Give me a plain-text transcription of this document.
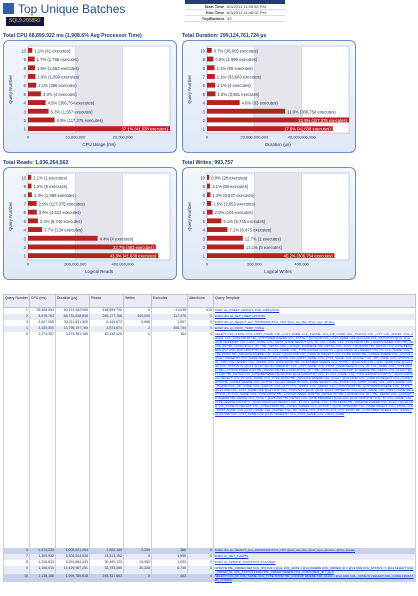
Top Unique Batches
SQL9 2008R2
Start Time 6/3/2011 11:09:53 PM
End Time 6/3/2011 11:46:02 PM
Top/Bottom 10
Total CPU 68,899,922 ms (1,908.6% Avg Processor Time)
1.1% (41 executes)
10
1.7% (1,765 executes)
9
1.8% (1,053 executes)
8
1.9% (1,999 executes)
7
2.1% (386 executes)
6
3.3% (4 executes)
5
4.5% (306,754 executes)
4
5.3% (1,557 executes)
3
6.8% (117,375 executes)
2
37.1% (41,638 executes)
1
0	10,000,000	20,000,000
CPU Usage (ms)
Query Number
Total Duration: 299,124,761,724 µs
0.7% (36,955 executes)
10
0.9% (1,999 executes)
9
1.1% (99 executes)
8
1.1% (33,603 executes)
7
1.1% (4 executes)
6
1.2% (3,981 executes)
5
4.6% (63 executes)
4
11.0% (306,754 executes)
3
21.9% (117,375 executes)
2
17.8% (41,638 executes)
1
0	20,000,000,000	40,000,000,000
Duration (µs)
Query Number
Total Reads: 1,036,264,562
1.1% (1 executes)
10
1.2% (5 executes)
9
1.3% (1,999 executes)
8
2.9% (117,375 executes)
7
3.0% (4,513 executes)
6
3.3% (6,745 executes)
5
3.7% (134 executes)
4
4.4% (4 executes)
3
23.7% (463 executes)
2
43.3% (41,638 executes)
1
0	200,000,000	400,000,000
Logical Reads
Query Number
Total Writes: 993,757
0.8% (28 executes)
10
1.1% (58 executes)
9
1.2% (9,637 executes)
8
1.5% (2,053 executes)
7
2.0% (101 executes)
6
5.1% (6,745 executes)
5
7.1% (6,475 executes)
4
12.7% (1 executes)
3
13.1% (5 executes)
2
45.2% (306,754 executes)
1
0	200,000	400,000
Logical Writes
Query Number
Query Number	CPU (ms)	Duration (µs)	Reads	Writes	Executes	Attentions	Query Template
1	25,468,594	53,213,182,658	448,899,705	0	41,638	410	EXEC sp_INSERT_RESULT_FOR_WEB_PAGE
2	4,678,763	65,731,818,838	245,177,768	200,540	117,375	0	EXEC dbo.sp_GET_USER_HISTORY
3	3,627,065	33,011,531,305	5,349,873	5,665	1,557	0	EXEC dbo.sp_SELECT_ALL_PROFESSIONAL_LIST @ext_req_flag, @sel_type, @name
4	3,105,300	13,795,197,769	2,574,674	2	306,754	0	EXEC dbo.sp_DROP_TEMP_TABLE
5	2,274,357	3,574,391,185	45,432,425	0	164	4	SELECT COL_STATE, COL_FIRST_NAME, COL_LAST_NAME, COL_PHONE, COL_ZIP_CODE, COL_STATUS, COL_CITY, COL_ADDR1, COL_ADDR2, COL_DATE FROM TBL_CUSTOMER WHERE COL_STATE = @p1 AND COL_LAST_NAME LIKE @p2 AND COL_STATUS IN (@p3, @p4, @p5) ORDER BY COL_LAST_NAME, COL_FIRST_NAME SELECT COL_ID, COL_NAME, COL_TYPE FROM TBL_LOOKUP INNER JOIN TBL_DETAIL ON TBL_LOOKUP.COL_ID = TBL_DETAIL.COL_LOOKUP_ID WHERE TBL_DETAIL.COL_FLAG = @p6 AND TBL_DETAIL.COL_DATE BETWEEN @p7 AND @p8 GROUP BY COL_ID, COL_NAME, COL_TYPE HAVING COUNT(*) > @p9 UNION ALL SELECT COL_ID, COL_NAME, COL_TYPE FROM TBL_ARCHIVE WHERE COL_FLAG = @p10 AND COL_CODE IN (SELECT COL_CODE FROM TBL_CODES WHERE COL_ACTIVE = @p11) ORDER BY COL_NAME SELECT COL_STATE, COL_FIRST_NAME, COL_LAST_NAME, COL_PHONE, COL_ZIP_CODE, COL_STATUS, COL_CITY, COL_ADDR1, COL_ADDR2, COL_DATE FROM TBL_CUSTOMER WHERE COL_STATE = @p12 AND COL_LAST_NAME LIKE @p13 AND COL_STATUS IN (@p14, @p15, @p16) ORDER BY COL_LAST_NAME, COL_FIRST_NAME SELECT COL_ID, COL_NAME, COL_TYPE FROM TBL_LOOKUP INNER JOIN TBL_DETAIL ON TBL_LOOKUP.COL_ID = TBL_DETAIL.COL_LOOKUP_ID WHERE TBL_DETAIL.COL_FLAG = @p17 AND TBL_DETAIL.COL_DATE BETWEEN @p18 AND @p19 GROUP BY COL_ID, COL_NAME, COL_TYPE HAVING COUNT(*) > @p20 UNION ALL SELECT COL_ID, COL_NAME, COL_TYPE FROM TBL_ARCHIVE WHERE COL_FLAG = @p21 AND COL_CODE IN (SELECT COL_CODE FROM TBL_CODES WHERE COL_ACTIVE = @p22) ORDER BY COL_NAME SELECT COL_STATE, COL_FIRST_NAME, COL_LAST_NAME, COL_PHONE, COL_ZIP_CODE, COL_STATUS, COL_CITY, COL_ADDR1, COL_ADDR2, COL_DATE FROM TBL_CUSTOMER WHERE COL_STATE = @p23 AND COL_LAST_NAME LIKE @p24 AND COL_STATUS IN (@p25, @p26, @p27) ORDER BY COL_LAST_NAME, COL_FIRST_NAME SELECT COL_ID, COL_NAME, COL_TYPE FROM TBL_LOOKUP INNER JOIN TBL_DETAIL ON TBL_LOOKUP.COL_ID = TBL_DETAIL.COL_LOOKUP_ID WHERE TBL_DETAIL.COL_FLAG = @p28 AND TBL_DETAIL.COL_DATE BETWEEN @p29 AND @p30 GROUP BY COL_ID, COL_NAME, COL_TYPE HAVING COUNT(*) > @p31 UNION ALL SELECT COL_ID, COL_NAME, COL_TYPE FROM TBL_ARCHIVE WHERE COL_FLAG = @p32 AND COL_CODE IN (SELECT COL_CODE FROM TBL_CODES WHERE COL_ACTIVE = @p33) ORDER BY COL_NAME SELECT COL_STATE, COL_FIRST_NAME, COL_LAST_NAME, COL_PHONE, COL_ZIP_CODE, COL_STATUS, COL_CITY FROM TBL_CUSTOMER WHERE COL_STATE = @p34 AND COL_LAST_NAME LIKE @p35 ORDER BY COL_LAST_NAME, COL_FIRST_NAME
6	1,474,233	1,005,521,454	1,502,140	2,240	386	0	EXEC dbo.sp_SELECT_ALL_PROFESSIONAL_LIST @ext_req_flag, @sel_type, @name, @city, @state
7	1,309,532	3,304,844,838	13,313,152	0	1,999	0	EXEC sp_GET_ALERTS
8	1,226,633	3,291,684,493	30,490,123	14,982	1,053	0	EXEC sp_UPDATE_STATISTICS_FLAGGED
9	1,198,910	14,429,987,251	33,793,365	20,328	6,745	0	UPDATE TBL_ORDER SET COL_STATUS = @p1, COL_DATE = @p2 WHERE COL_ORDER_ID = @p3 AND COL_STATUS <> @p4 SELECT COL_ORDER_ID, COL_STATUS FROM TBL_ORDER WHERE COL_CUSTOMER_ID = @p5
10	1,138,186	1,995,785,818	245,331,863	0	463	0	SELECT COL_ID, COL_NAME, COL_TYPE FROM TBL_LOOKUP WHERE COL_FLAG = @p1 AND COL_CODE IN (SELECT COL_CODE FROM TBL_CODES)
